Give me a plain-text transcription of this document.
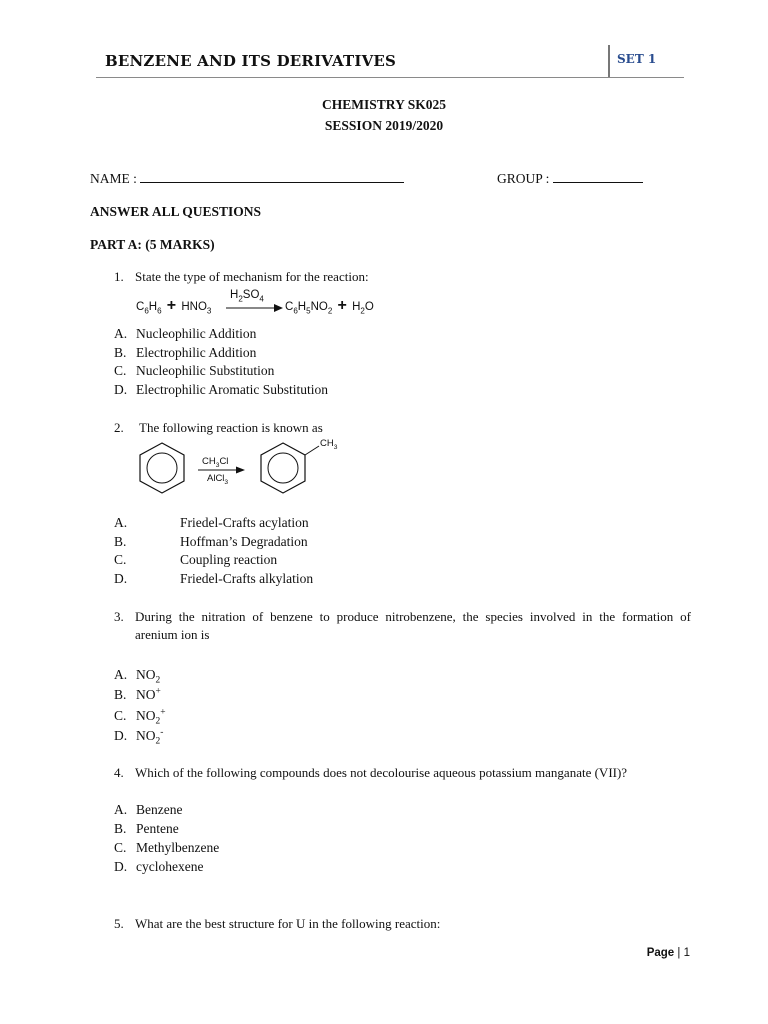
BENZENE AND ITS DERIVATIVES	SET 1
CHEMISTRY SK025
SESSION 2019/2020
NAME :	GROUP :
ANSWER ALL QUESTIONS
PART A: (5 MARKS)
1. State the type of mechanism for the reaction:
$C_6H_6 + HNO_3$
$H_2SO_4$
$C_6H_5NO_2 + H_2O$
A. Nucleophilic Addition
B. Electrophilic Addition
C. Nucleophilic Substitution
D. Electrophilic Aromatic Substitution
2. The following reaction is known as
$CH_3Cl$
AlCl$_3$
$CH_3$
A.	Friedel-Crafts acylation
B.	Hoffman’s Degradation
C.	Coupling reaction
D.	Friedel-Crafts alkylation
3. During the nitration of benzene to produce nitrobenzene, the species involved in the formation of
arenium ion is
A. $NO_2$
B. NO+
C. $NO_2^+$
D. $NO_2^-$
4. Which of the following compounds does not decolourise aqueous potassium manganate (VII)?
A. Benzene
B. Pentene
C. Methylbenzene
D. cyclohexene
5. What are the best structure for U in the following reaction:
Page | 1
